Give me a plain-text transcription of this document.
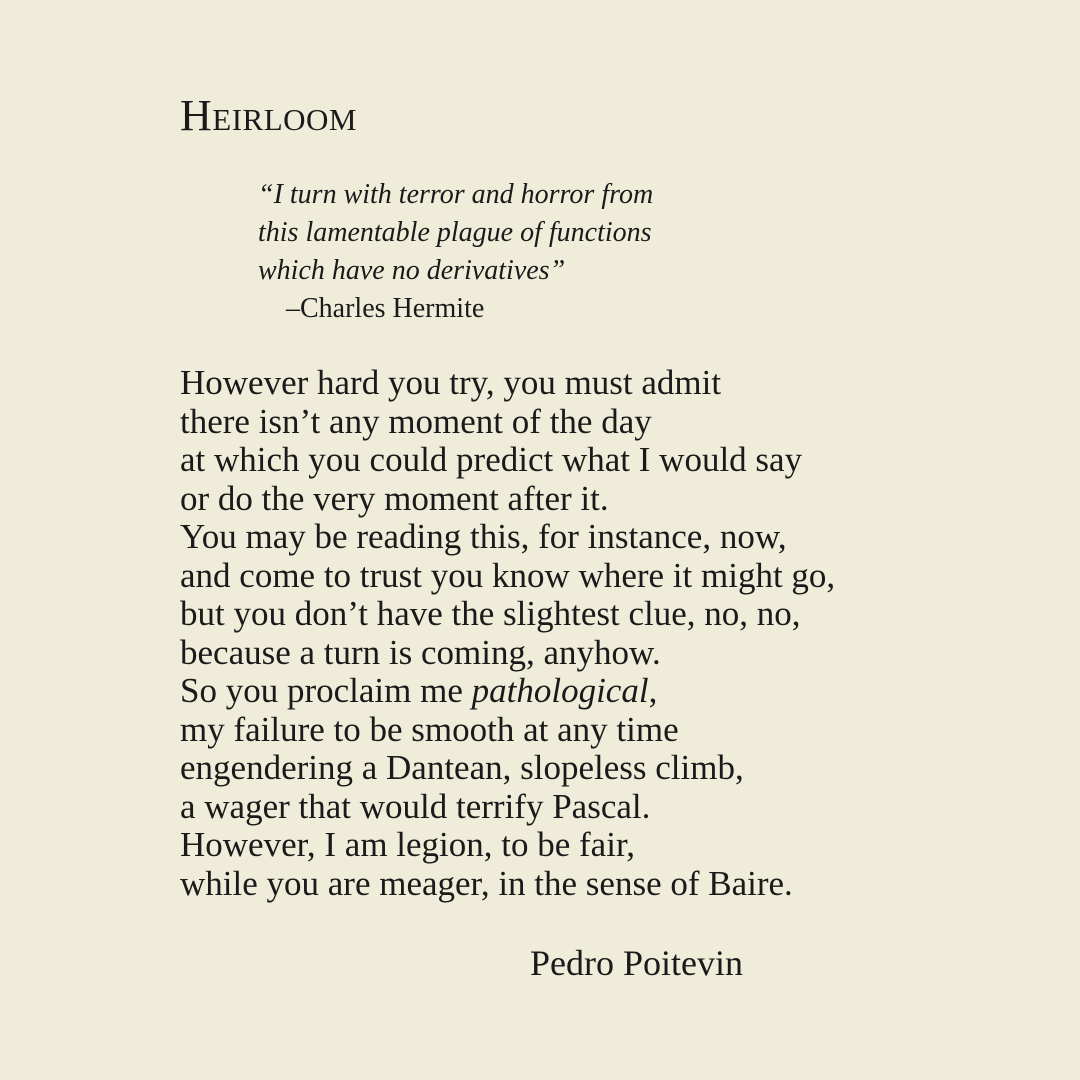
Heirloom
“I turn with terror and horror from
this lamentable plague of functions
which have no derivatives”
–Charles Hermite
However hard you try, you must admit
there isn’t any moment of the day
at which you could predict what I would say
or do the very moment after it.
You may be reading this, for instance, now,
and come to trust you know where it might go,
but you don’t have the slightest clue, no, no,
because a turn is coming, anyhow.
So you proclaim me pathological,
my failure to be smooth at any time
engendering a Dantean, slopeless climb,
a wager that would terrify Pascal.
However, I am legion, to be fair,
while you are meager, in the sense of Baire.
Pedro Poitevin
